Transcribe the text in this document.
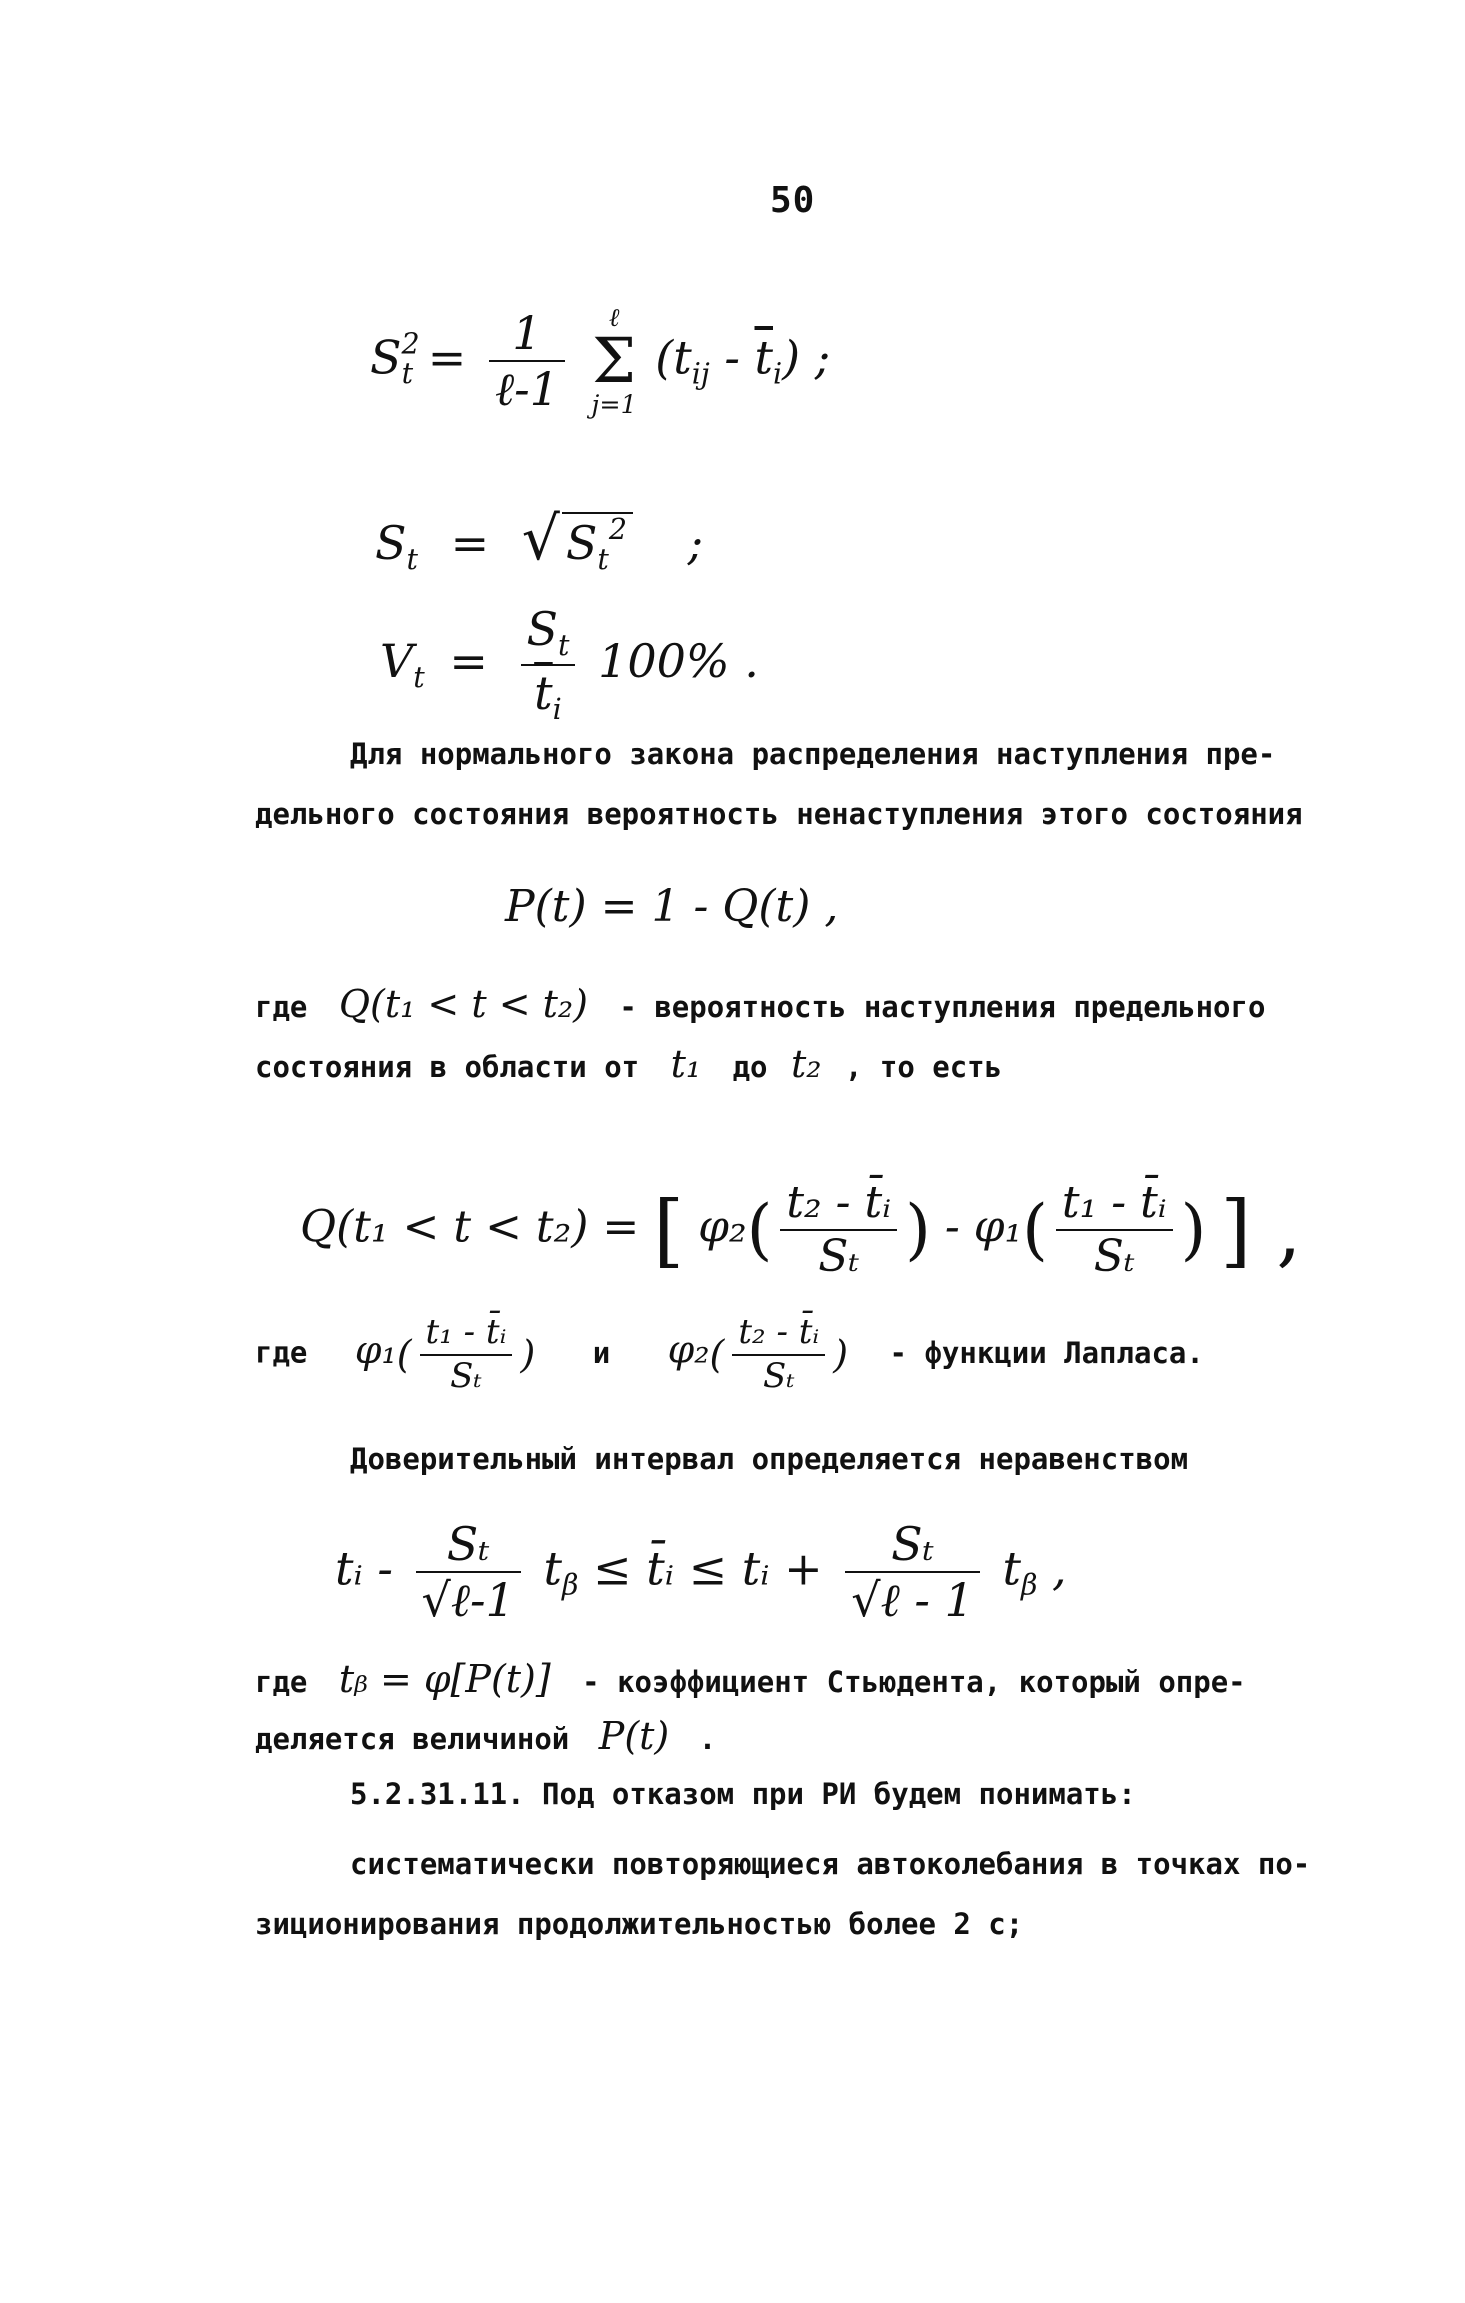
50
$S^2_t = \frac{1}{\text{ℓ-1}}$
ℓ
Σ
j=1
$(t_{ij} - \overline{t}_i)$ ;
$S_t$ = √ $S_t^2$ ;
$V_t = \frac{S_t}{\overline{t}_i} 100\%$ .
Для нормального закона распределения наступления пре-
дельного состояния вероятность ненаступления этого состояния
P(t) = 1 - Q(t) ,
где Q(t₁ < t < t₂) - вероятность наступления предельного
состояния в области от t₁ до t₂ , то есть
Q(t₁ < t < t₂) = [ $\varphi_2( \frac{\text{t₂ - t̄ᵢ}}{\text{Sₜ}}$ ) - $\varphi_1( \frac{\text{t₁ - t̄ᵢ}}{\text{Sₜ}}$ ) ] ,
где $\varphi_1( \frac{\text{t₁ - t̄ᵢ}}{\text{Sₜ}}$ ) и $\varphi_2( \frac{\text{t₂ - t̄ᵢ}}{\text{Sₜ}}$ ) - функции Лапласа.
Доверительный интервал определяется неравенством
tᵢ - $\frac{\text{Sₜ}}{\text{√ℓ-1}} t_\beta$ ≤ t̄ᵢ ≤ tᵢ + $\frac{\text{Sₜ}}{\text{√ℓ - 1}} t_\beta$ ,
где tᵦ = φ[P(t)] - коэффициент Стьюдента, который опре-
деляется величиной P(t) .
5.2.31.11. Под отказом при РИ будем понимать:
систематически повторяющиеся автоколебания в точках по-
зиционирования продолжительностью более 2 с;
